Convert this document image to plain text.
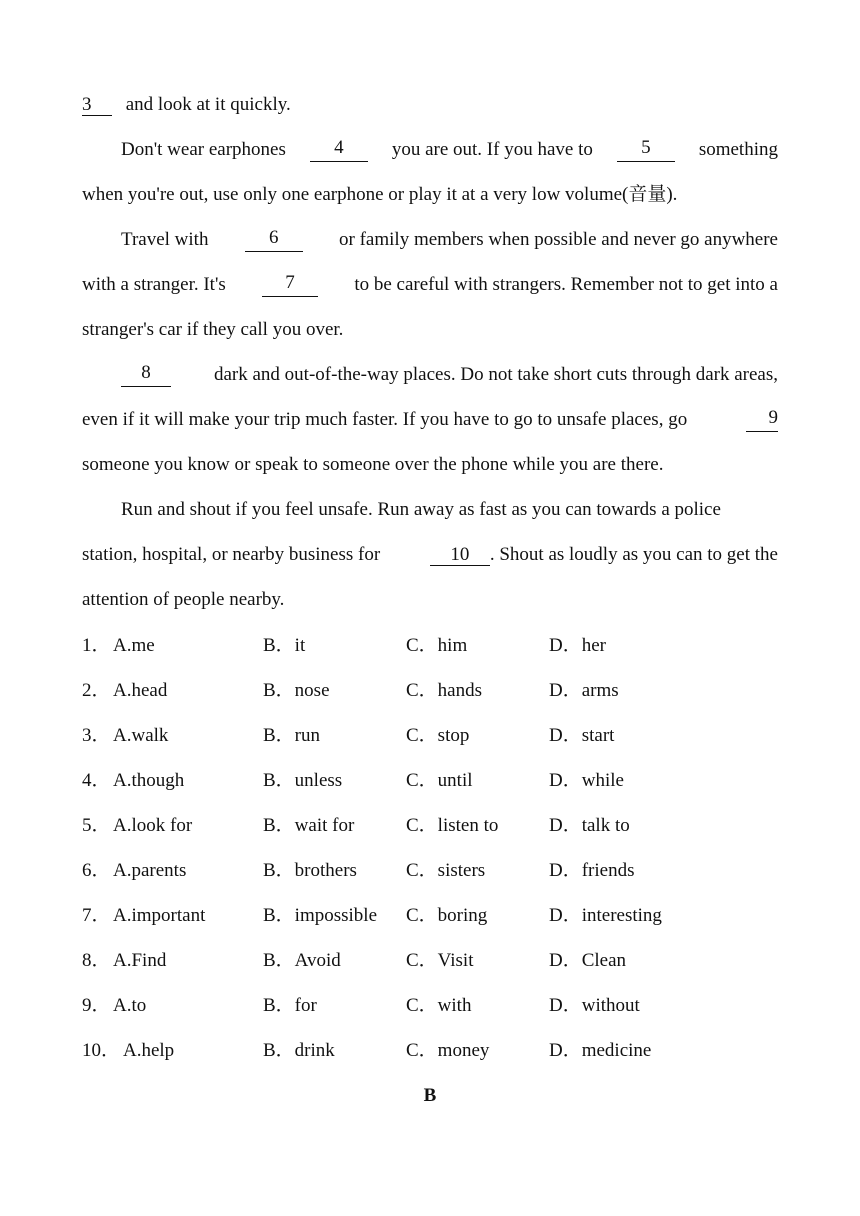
3 and look at it quickly.
Don't wear earphones	4	you are out. If you have to	5	something
when you're out, use only one earphone or play it at a very low volume(音量).
Travel with	6	or family members when possible and never go anywhere
with a stranger. It's	7	to be careful with strangers. Remember not to get into a
stranger's car if they call you over.
8	dark and out-of-the-way places. Do not take short cuts through dark areas,
even if it will make your trip much faster. If you have to go to unsafe places, go	9
someone you know or speak to someone over the phone while you are there.
Run and shout if you feel unsafe. Run away as fast as you can towards a police
station, hospital, or nearby business for	10 . Shout as loudly as you can to get the
attention of people nearby.
1． A.me	B．it	C．him	D．her
2． A.head	B．nose	C．hands	D．arms
3． A.walk	B．run	C．stop	D．start
4． A.though	B．unless	C．until	D．while
5． A.look for	B．wait for	C．listen to	D．talk to
6． A.parents	B．brothers	C．sisters	D．friends
7． A.important	B．impossible C．boring	D．interesting
8． A.Find	B．Avoid	C．Visit	D．Clean
9． A.to	B．for	C．with	D．without
10． A.help	B．drink	C．money	D．medicine
B
